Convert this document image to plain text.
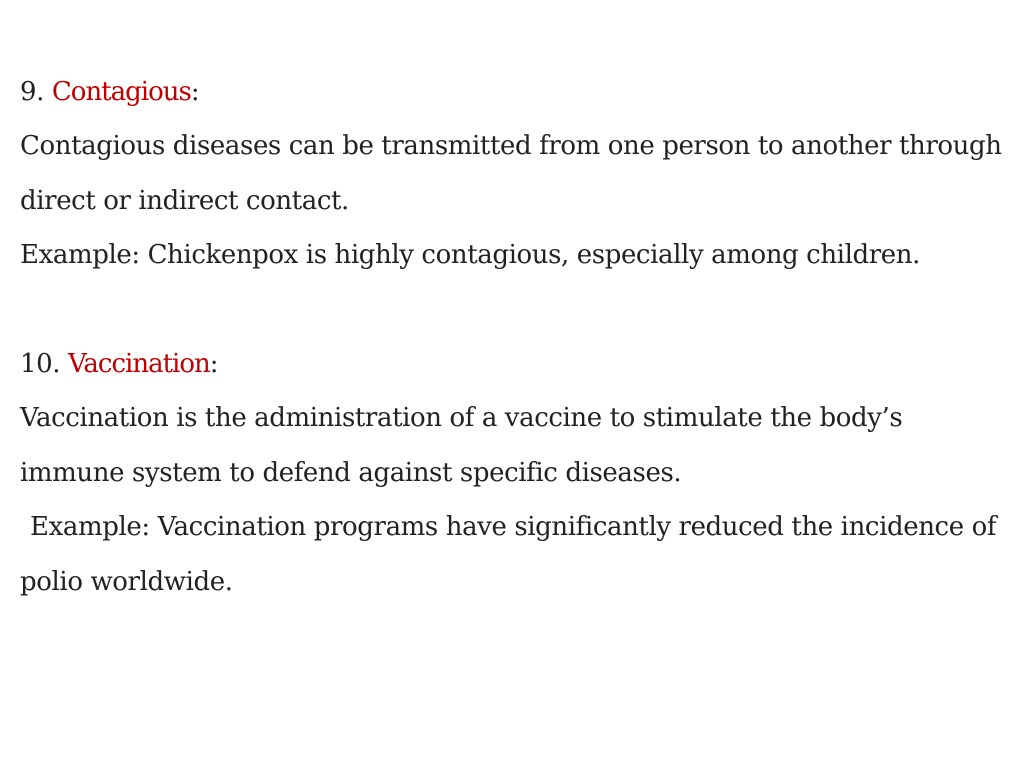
9. Contagious:
Contagious diseases can be transmitted from one person to another through
direct or indirect contact.
Example: Chickenpox is highly contagious, especially among children.
10. Vaccination:
Vaccination is the administration of a vaccine to stimulate the body’s
immune system to defend against specific diseases.
Example: Vaccination programs have significantly reduced the incidence of
polio worldwide.
